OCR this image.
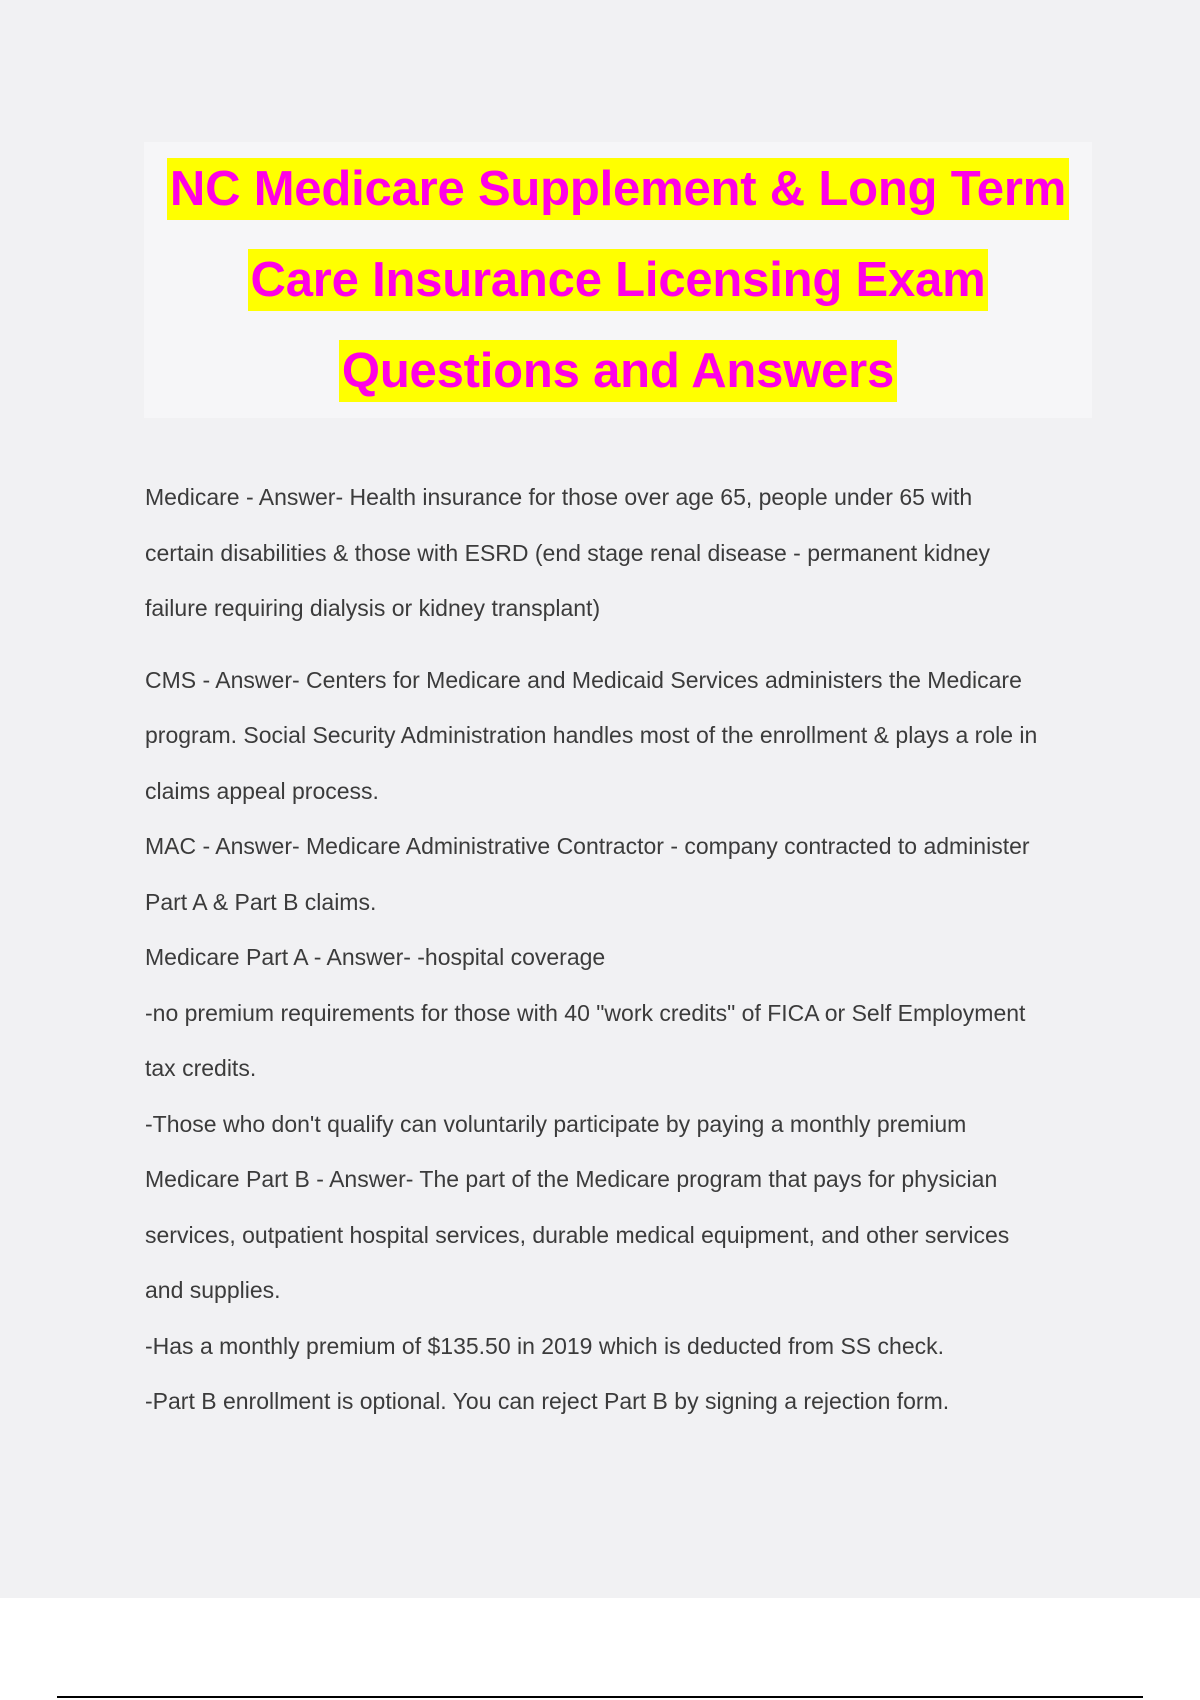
NC Medicare Supplement & Long Term
Care Insurance Licensing Exam
Questions and Answers

Medicare - Answer- Health insurance for those over age 65, people under 65 with

certain disabilities & those with ESRD (end stage renal disease - permanent kidney

failure requiring dialysis or kidney transplant)

CMS - Answer- Centers for Medicare and Medicaid Services administers the Medicare

program. Social Security Administration handles most of the enrollment & plays a role in

claims appeal process.

MAC - Answer- Medicare Administrative Contractor - company contracted to administer

Part A & Part B claims.

Medicare Part A - Answer- -hospital coverage

-no premium requirements for those with 40 "work credits" of FICA or Self Employment

tax credits.

-Those who don't qualify can voluntarily participate by paying a monthly premium

Medicare Part B - Answer- The part of the Medicare program that pays for physician

services, outpatient hospital services, durable medical equipment, and other services

and supplies.

-Has a monthly premium of $135.50 in 2019 which is deducted from SS check.

-Part B enrollment is optional. You can reject Part B by signing a rejection form.
